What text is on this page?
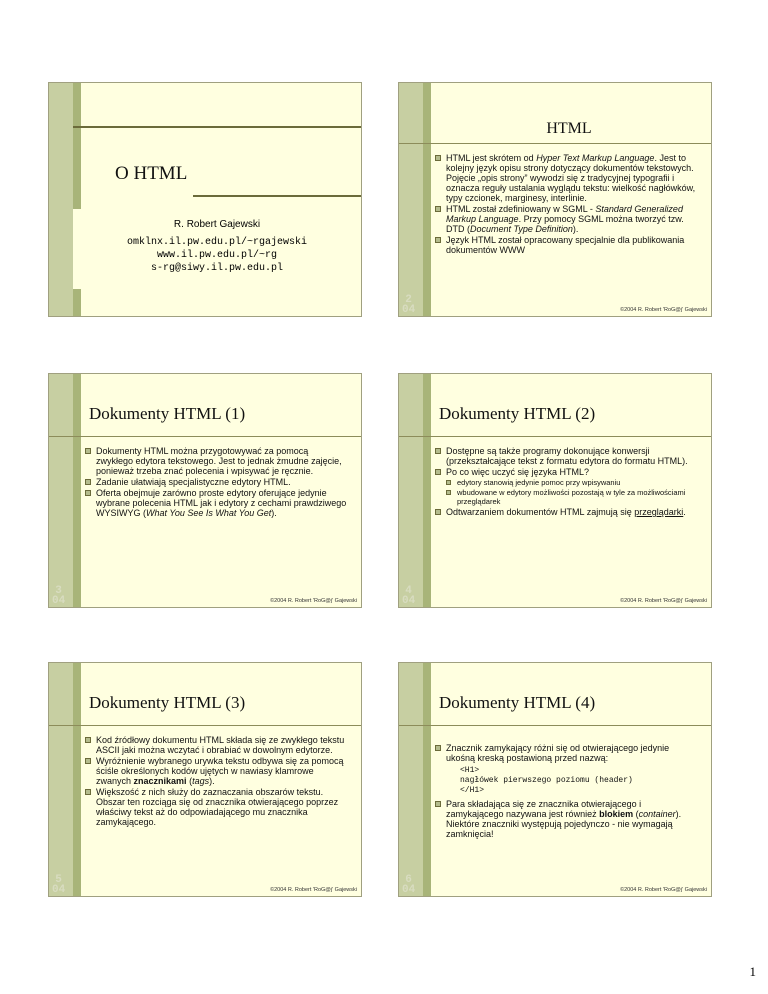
O HTML
R. Robert Gajewski
omklnx.il.pw.edu.pl/~rgajewski
www.il.pw.edu.pl/~rg
s-rg@siwy.il.pw.edu.pl
HTML
HTML jest skrótem od Hyper Text Markup Language. Jest to kolejny język opisu strony dotyczący dokumentów tekstowych. Pojęcie „opis strony” wywodzi się z tradycyjnej typografii i oznacza reguły ustalania wyglądu tekstu: wielkość nagłówków, typy czcionek, marginesy, interlinie.
HTML został zdefiniowany w SGML - Standard Generalized Markup Language. Przy pomocy SGML można tworzyć tzw. DTD (Document Type Definition).
Język HTML został opracowany specjalnie dla publikowania dokumentów WWW
2
04	©2004 R. Robert 'RoG@j' Gajewski
Dokumenty HTML (1)
Dokumenty HTML można przygotowywać za pomocą zwykłego edytora tekstowego. Jest to jednak żmudne zajęcie, ponieważ trzeba znać polecenia i wpisywać je ręcznie.
Zadanie ułatwiają specjalistyczne edytory HTML.
Oferta obejmuje zarówno proste edytory oferujące jedynie wybrane polecenia HTML jak i edytory z cechami prawdziwego WYSIWYG (What You See Is What You Get).
3
04	©2004 R. Robert 'RoG@j' Gajewski
Dokumenty HTML (2)
Dostępne są także programy dokonujące konwersji (przekształcające tekst z formatu edytora do formatu HTML).
Po co więc uczyć się języka HTML?
edytory stanowią jedynie pomoc przy wpisywaniu
wbudowane w edytory możliwości pozostają w tyle za możliwościami przeglądarek
Odtwarzaniem dokumentów HTML zajmują się przeglądarki.
4
04	©2004 R. Robert 'RoG@j' Gajewski
Dokumenty HTML (3)
Kod źródłowy dokumentu HTML składa się ze zwykłego tekstu ASCII jaki można wczytać i obrabiać w dowolnym edytorze.
Wyróżnienie wybranego urywka tekstu odbywa się za pomocą ściśle określonych kodów ujętych w nawiasy klamrowe zwanych znacznikami (tags).
Większość z nich służy do zaznaczania obszarów tekstu. Obszar ten rozciąga się od znacznika otwierającego poprzez właściwy tekst aż do odpowiadającego mu znacznika zamykającego.
5
04	©2004 R. Robert 'RoG@j' Gajewski
Dokumenty HTML (4)
Znacznik zamykający różni się od otwierającego jedynie ukośną kreską postawioną przed nazwą:
<H1>
nagłówek pierwszego poziomu (header)
</H1>
Para składająca się ze znacznika otwierającego i zamykającego nazywana jest również blokiem (container). Niektóre znaczniki występują pojedynczo - nie wymagają zamknięcia!
6
04	©2004 R. Robert 'RoG@j' Gajewski
1
